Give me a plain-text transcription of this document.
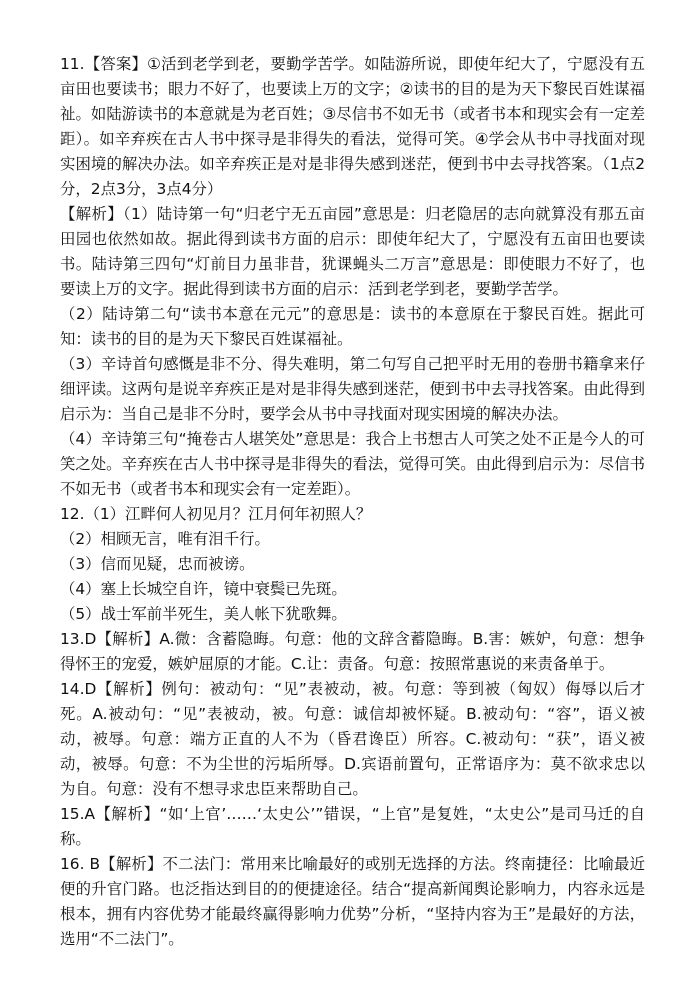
11.【答案】①活到老学到老，要勤学苦学。如陆游所说，即使年纪大了，宁愿没有五亩田也要读书；眼力不好了，也要读上万的文字；②读书的目的是为天下黎民百姓谋福祉。如陆游读书的本意就是为老百姓；③尽信书不如无书（或者书本和现实会有一定差距）。如辛弃疾在古人书中探寻是非得失的看法，觉得可笑。④学会从书中寻找面对现实困境的解决办法。如辛弃疾正是对是非得失感到迷茫，便到书中去寻找答案。（1点2分，2点3分，3点4分）

【解析】（1）陆诗第一句“归老宁无五亩园”意思是：归老隐居的志向就算没有那五亩田园也依然如故。据此得到读书方面的启示：即使年纪大了，宁愿没有五亩田也要读书。陆诗第三四句“灯前目力虽非昔，犹课蝇头二万言”意思是：即使眼力不好了，也要读上万的文字。据此得到读书方面的启示：活到老学到老，要勤学苦学。

（2）陆诗第二句“读书本意在元元”的意思是：读书的本意原在于黎民百姓。据此可知：读书的目的是为天下黎民百姓谋福祉。

（3）辛诗首句感慨是非不分、得失难明，第二句写自己把平时无用的卷册书籍拿来仔细评读。这两句是说辛弃疾正是对是非得失感到迷茫，便到书中去寻找答案。由此得到启示为：当自己是非不分时，要学会从书中寻找面对现实困境的解决办法。

（4）辛诗第三句“掩卷古人堪笑处”意思是：我合上书想古人可笑之处不正是今人的可笑之处。辛弃疾在古人书中探寻是非得失的看法，觉得可笑。由此得到启示为：尽信书不如无书（或者书本和现实会有一定差距）。

12.（1）江畔何人初见月？江月何年初照人？

（2）相顾无言，唯有泪千行。

（3）信而见疑，忠而被谤。

（4）塞上长城空自许，镜中衰鬓已先斑。

（5）战士军前半死生，美人帐下犹歌舞。

13.D【解析】A.微：含蓄隐晦。句意：他的文辞含蓄隐晦。B.害：嫉妒，句意：想争得怀王的宠爱，嫉妒屈原的才能。C.让：责备。句意：按照常惠说的来责备单于。

14.D【解析】例句：被动句：“见”表被动，被。句意：等到被（匈奴）侮辱以后才死。A.被动句：“见”表被动，被。句意：诚信却被怀疑。B.被动句：“容”，语义被动，被辱。句意：端方正直的人不为（昏君谗臣）所容。C.被动句：“获”，语义被动，被辱。句意：不为尘世的污垢所辱。D.宾语前置句，正常语序为：莫不欲求忠以为自。句意：没有不想寻求忠臣来帮助自己。

15.A【解析】“如‘上官’……‘太史公’”错误，“上官”是复姓，“太史公”是司马迁的自称。

16. B【解析】不二法门：常用来比喻最好的或别无选择的方法。终南捷径：比喻最近便的升官门路。也泛指达到目的的便捷途径。结合“提高新闻舆论影响力，内容永远是根本，拥有内容优势才能最终赢得影响力优势”分析，“坚持内容为王”是最好的方法，选用“不二法门”。
